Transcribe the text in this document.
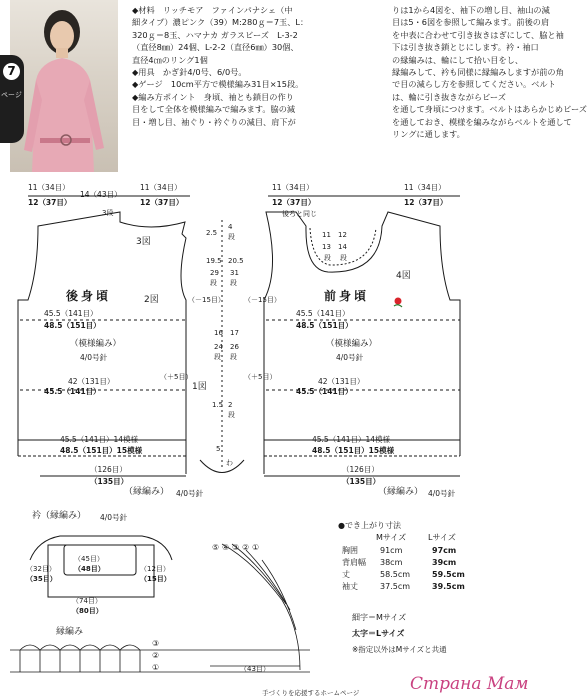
7
ページ
◆材料　リッチモア　ファインパナシェ（中
細タイプ）濃ピンク（39）M:280ｇ＝7玉、L：
320ｇ＝8玉、ハマナカ ガラスビーズ　L-3-2
（直径8㎜）24個、L-2-2（直径6㎜）30個、
直径4㎝のリング1個
◆用具　かぎ針4/0号、6/0号。
◆ゲージ　10cm平方で模様編み31目×15段。
◆編み方ポイント　身頃、袖とも鎖目の作り
目をして全体を模様編みで編みます。脇の減
目・増し目、袖ぐり・衿ぐりの減目、肩下が
りは1から4図を、袖下の増し目、袖山の減
目は5・6図を参照して編みます。前後の肩
を中表に合わせて引き抜きはぎにして、脇と袖
下は引き抜き鎖とじにします。衿・袖口
の縁編みは、輪にして拾い目をし、
縁編みして、衿も同様に縁編みしますが前の角
で目の減らし方を参照してください。ベルト
は、輪に引き抜きながらビーズ
を通して身頃につけます。ベルトはあらかじめビーズ
を通しておき、模様を編みながらベルトを通して
リングに通します。
11（34目）
12（37目）
14（43目）
11（34目）
12（37目）
3段
3図
2図
1図
後身頃
45.5（141目）
48.5（151目）
（模様編み）
4/0号針
42（131目）
45.5（141目）
（＋5目）
（－15目）
45.5（141目）14模様
48.5（151目）15模様
2.5
4
段
19.5 20.5
29 31
段 段
16 17
24 26
段 段
1.5 2
段
5
わ
11（34目）
12（37目）
11（34目）
12（37目）
後ろと同じ
11 12
13 14
段 段
4図
前身頃
45.5（141目）
48.5（151目）
（模様編み）
4/0号針
42（131目）
45.5（141目）
（＋5目）
（－15目）
45.5（141目）14模様
48.5（151目）15模様
（126目）
（135目）
（縁編み） 4/0号針
（126目）
（135目）
（縁編み） 4/0号針
衿（縁編み） 4/0号針
（32目）
（35目）
（45目）
（48目）	（12目）
（15目）
（74目）
（80目）
縁編み
③
②
①
⑤ ④ ③ ② ①
（43目）
●でき上がり寸法
Mサイズ	Lサイズ
胸囲	91cm	97cm
背肩幅 38cm	39cm
丈	58.5cm	59.5cm
袖丈	37.5cm	39.5cm
細字＝Mサイズ
太字＝Lサイズ
※指定以外はMサイズと共通
手づくりを応援するホームページ	Страна Мам
